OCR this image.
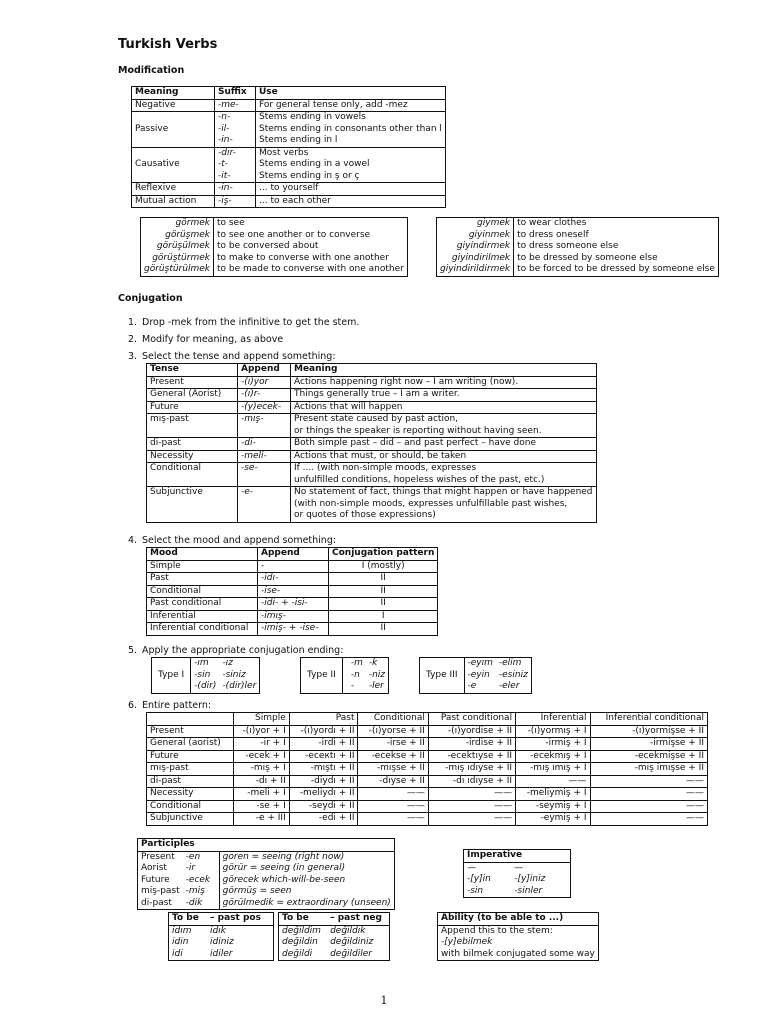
Turkish Verbs
Modification
Meaning	Suffix	Use
Negative	-me-	For general tense only, add -mez
Passive	-n-	Stems ending in vowels
	-il-	Stems ending in consonants other than l
	-in-	Stems ending in l
Causative	-dır-	Most verbs
	-t-	Stems ending in a vowel
	-it-	Stems ending in ş or ç
Reflexive	-in-	... to yourself
Mutual action	-iş-	... to each other
görmek	to see
görüşmek	to see one another or to converse
görüşülmek	to be conversed about
görüştürmek	to make to converse with one another
görüştürülmek	to be made to converse with one another
giymek	to wear clothes
giyinmek	to dress oneself
giyindirmek	to dress someone else
giyindirilmek	to be dressed by someone else
giyindirildirmek	to be forced to be dressed by someone else
Conjugation
1. Drop -mek from the infinitive to get the stem.
2. Modify for meaning, as above
3. Select the tense and append something:
Tense	Append	Meaning
Present	-(ı)yor	Actions happening right now – I am writing (now).
General (Aorist)	-(ı)r-	Things generally true – I am a writer.
Future	-(y)ecek-	Actions that will happen
mış-past	-mış-	Present state caused by past action,
or things the speaker is reporting without having seen.

di-past	-di-	Both simple past – did – and past perfect – have done
Necessity	-meli-	Actions that must, or should, be taken
Conditional	-se-	If .... (with non-simple moods, expresses
unfulfilled conditions, hopeless wishes of the past, etc.)

Subjunctive	-e-	No statement of fact, things that might happen or have happened
(with non-simple moods, expresses unfulfillable past wishes,
or quotes of those expressions)
4. Select the mood and append something:
Mood	Append	Conjugation pattern
Simple	-	I (mostly)
Past	-idı-	II
Conditional	-ise-	II
Past conditional	-idi- + -isi-	II
Inferential	-imış-	I
Inferential conditional	-imiş- + -ise-	II
5. Apply the appropriate conjugation ending:
Type I	-ım	-ız
	-sin	-siniz
	-(dir)	-(dir)ler
Type II	-m	-k
	-n	-niz
	-	-ler
Type III	-eyım	-elim
	-eyin	-esiniz
	-e	-eler
6. Entire pattern:
	Simple	Past	Conditional	Past conditional	Inferential	Inferential conditional
Present	-(ı)yor + I	-(ı)yordı + II	-(ı)yorse + II	-(ı)yordise + II	-(ı)yormış + I	-(ı)yormişse + II
General (aorist)	-ir + I	-irdi + II	-irse + II	-irdise + II	-irmiş + I	-irmişse + II
Future	-ecek + I	-eceкtı + II	-ecekse + II	-ecektıyse + II	-ecekmış + I	-ecekmişse + II
mış-past	-mış + I	-mıştı + II	-mışse + II	-mış ıdıyse + II	-mış ımış + I	-mış imışse + II
di-past	-dı + II	-diydı + II	-dıyse + II	-dı ıdıyse + II	——	——
Necessity	-meli + I	-meliydı + II	——	——	-meliymiş + I	——
Conditional	-se + I	-seydi + II	——	——	-seymiş + I	——
Subjunctive	-e + III	-edi + II	——	——	-eymiş + I	——
Participles		
Present	-en	goren = seeing (right now)
Aorist	-ir	görür = seeing (in general)
Future	-ecek	görecek which-will-be-seen
miş-past	-miş	görmüş = seen
di-past	-dik	görülmedik = extraordinary (unseen)
Imperative	
—	—
-[y]in	-[y]iniz
-sin	-sinler
To be	– past pos
idım	idık
idin	idiniz
idi	idiler
To be	– past neg
değildim	değildık
değildin	değildiniz
değildi	değildiler
Ability (to be able to ...)
Append this to the stem:
-[y]ebilmek
with bilmek conjugated some way
1
